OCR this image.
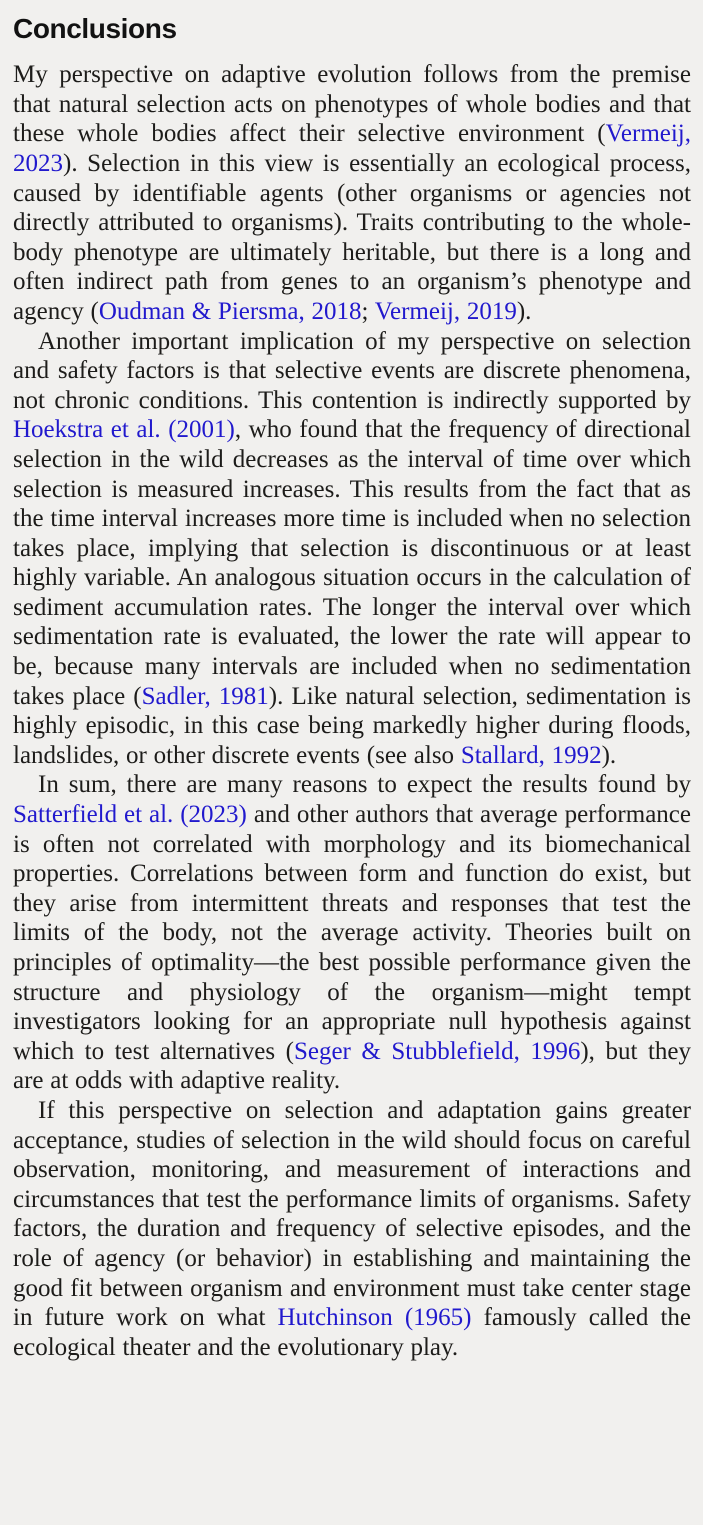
Conclusions

My perspective on adaptive evolution follows from the premise that natural selection acts on phenotypes of whole bodies and that these whole bodies affect their selective environment (Vermeij, 2023). Selection in this view is essentially an ecological process, caused by identifiable agents (other organisms or agencies not directly attributed to organisms). Traits contributing to the whole-body phenotype are ultimately heritable, but there is a long and often indirect path from genes to an organism’s phenotype and agency (Oudman & Piersma, 2018; Vermeij, 2019).

Another important implication of my perspective on selection and safety factors is that selective events are discrete phenomena, not chronic conditions. This contention is indirectly supported by Hoekstra et al. (2001), who found that the frequency of directional selection in the wild decreases as the interval of time over which selection is measured increases. This results from the fact that as the time interval increases more time is included when no selection takes place, implying that selection is discontinuous or at least highly variable. An analogous situation occurs in the calculation of sediment accumulation rates. The longer the interval over which sedimentation rate is evaluated, the lower the rate will appear to be, because many intervals are included when no sedimentation takes place (Sadler, 1981). Like natural selection, sedimentation is highly episodic, in this case being markedly higher during floods, landslides, or other discrete events (see also Stallard, 1992).

In sum, there are many reasons to expect the results found by Satterfield et al. (2023) and other authors that average performance is often not correlated with morphology and its biomechanical properties. Correlations between form and function do exist, but they arise from intermittent threats and responses that test the limits of the body, not the average activity. Theories built on principles of optimality—the best possible performance given the structure and physiology of the organism—might tempt investigators looking for an appropriate null hypothesis against which to test alternatives (Seger & Stubblefield, 1996), but they are at odds with adaptive reality.

If this perspective on selection and adaptation gains greater acceptance, studies of selection in the wild should focus on careful observation, monitoring, and measurement of interactions and circumstances that test the performance limits of organisms. Safety factors, the duration and frequency of selective episodes, and the role of agency (or behavior) in establishing and maintaining the good fit between organism and environment must take center stage in future work on what Hutchinson (1965) famously called the ecological theater and the evolutionary play.
